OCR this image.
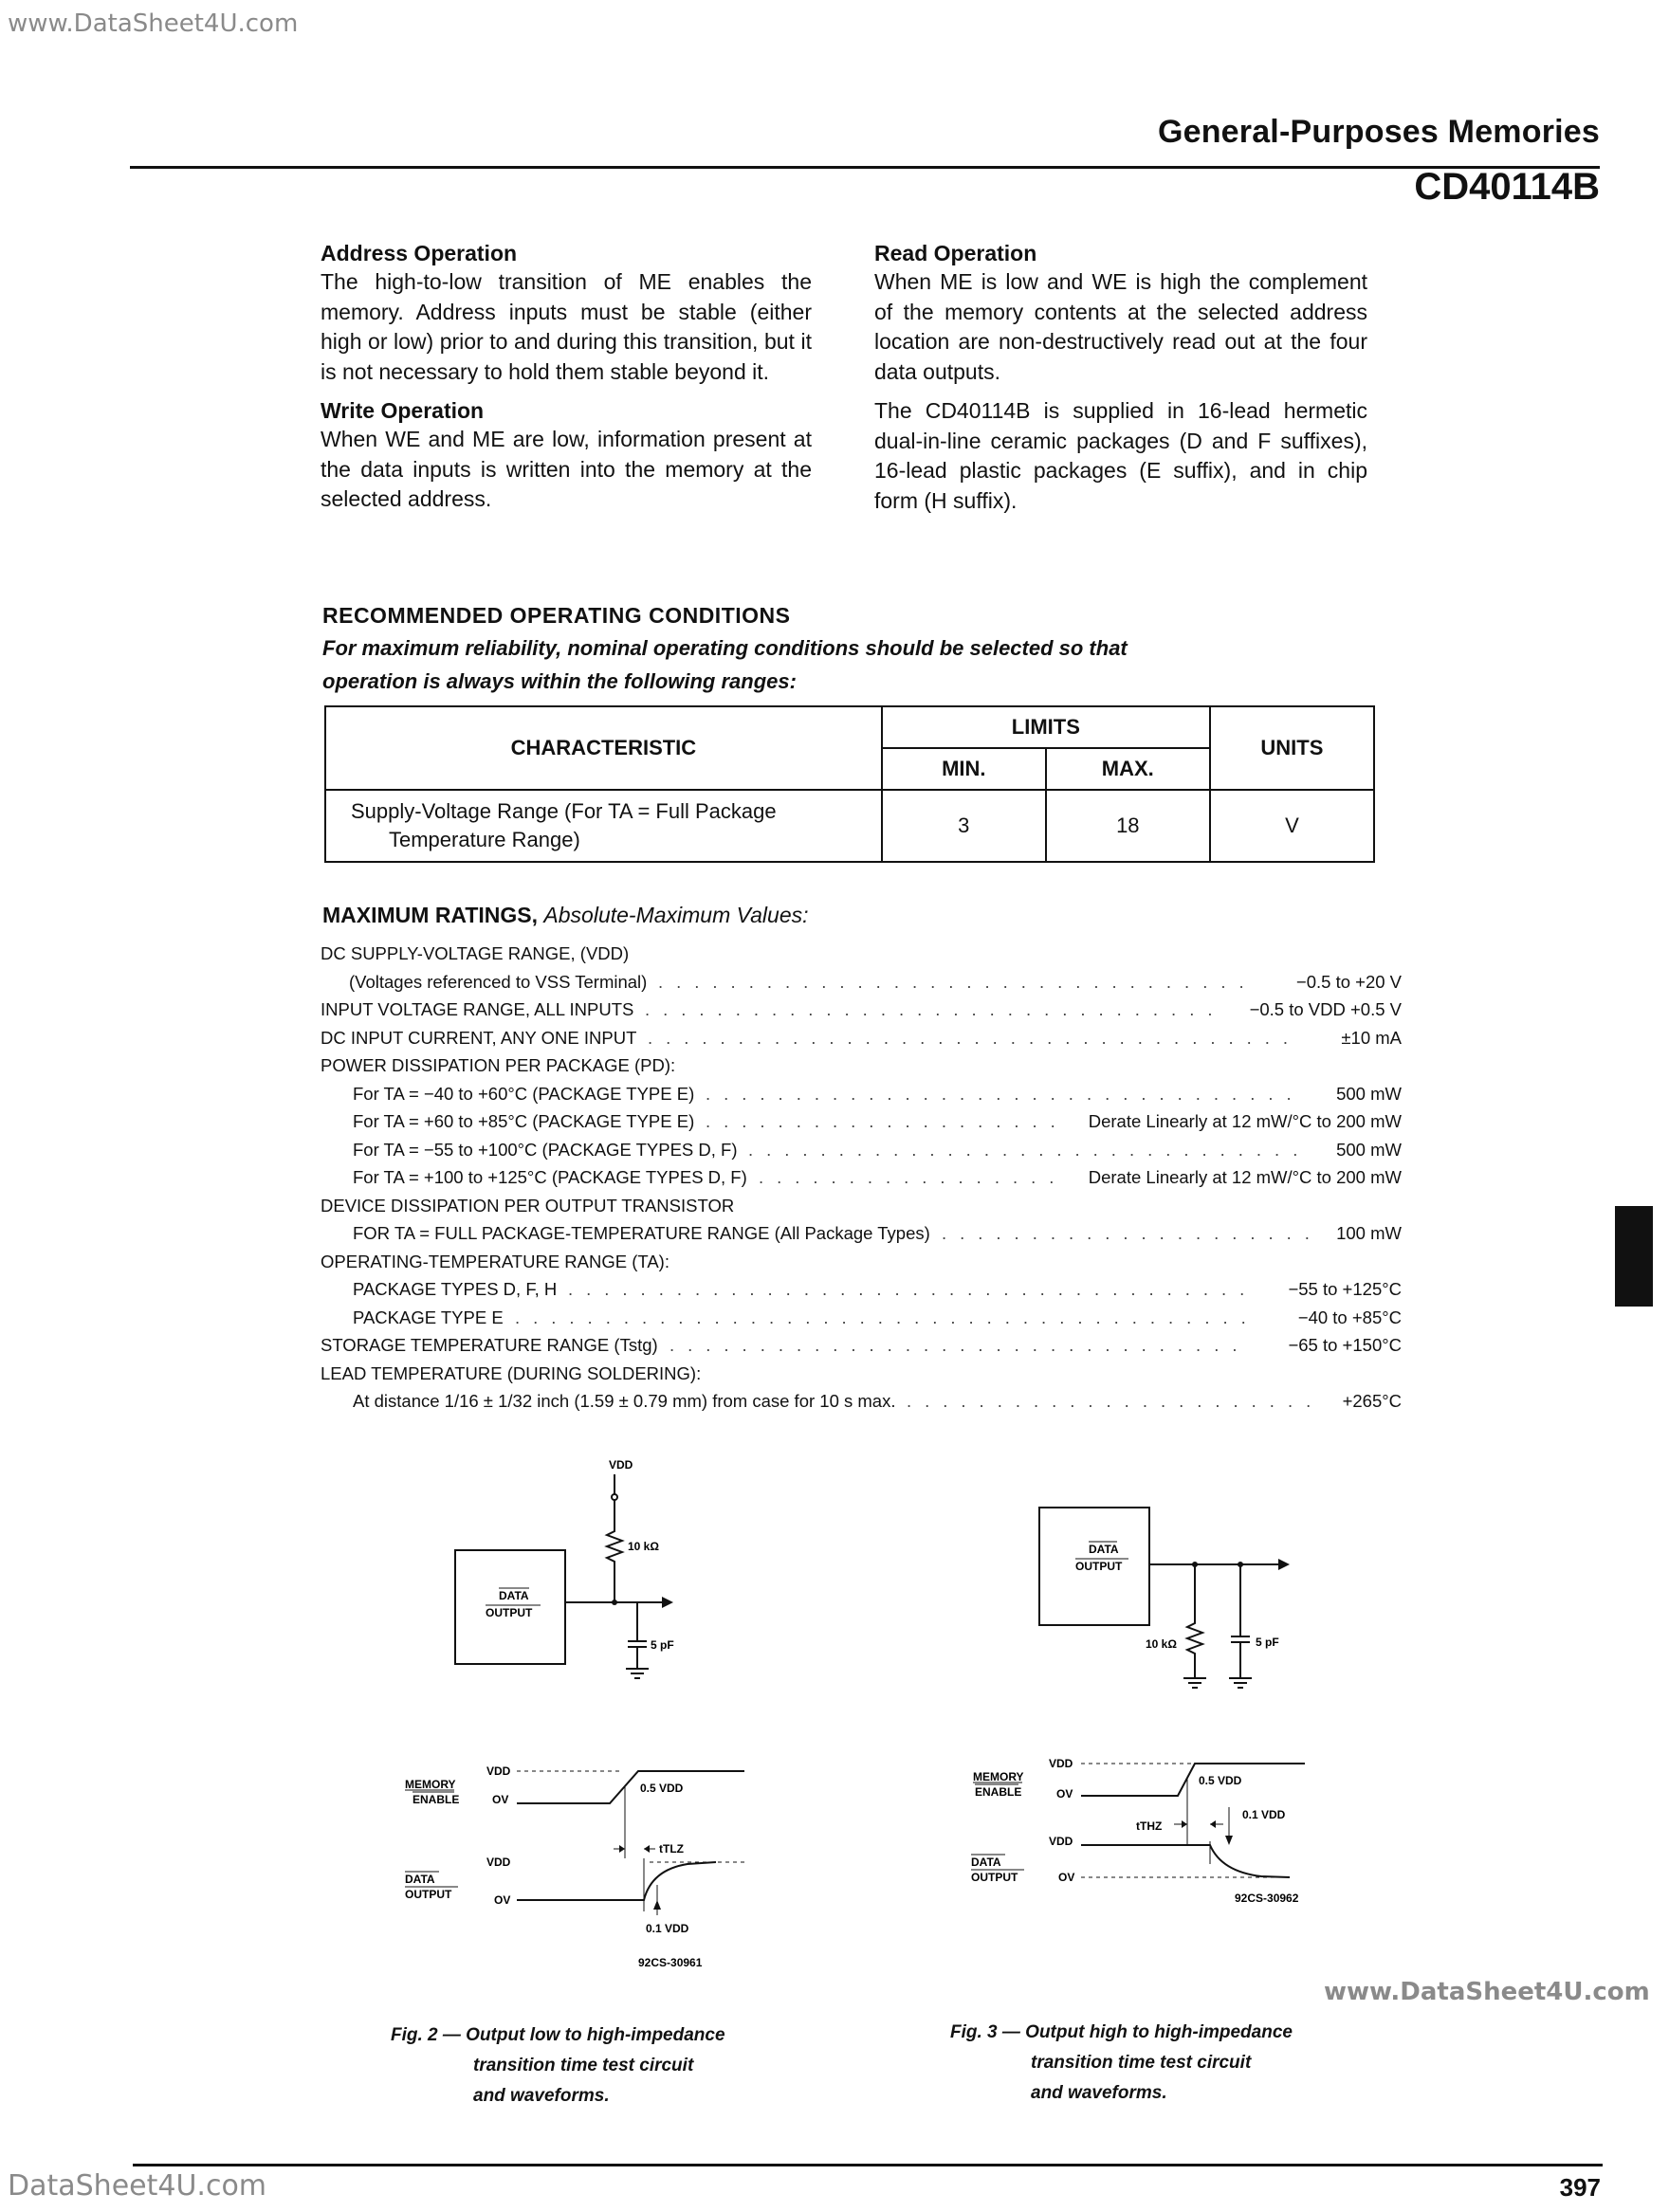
www.DataSheet4U.com
www.DataSheet4U.com
DataSheet4U.com
General-Purposes Memories
CD40114B
Address Operation

The high-to-low transition of ME enables the memory. Address inputs must be stable (either high or low) prior to and during this transition, but it is not necessary to hold them stable beyond it.

Write Operation

When WE and ME are low, information present at the data inputs is written into the memory at the selected address.

Read Operation

When ME is low and WE is high the complement of the memory contents at the selected address location are non-destructively read out at the four data outputs.

The CD40114B is supplied in 16-lead hermetic dual-in-line ceramic packages (D and F suffixes), 16-lead plastic packages (E suffix), and in chip form (H suffix).

RECOMMENDED OPERATING CONDITIONS
For maximum reliability, nominal operating conditions should be selected so that
operation is always within the following ranges:
CHARACTERISTIC	LIMITS		UNITS
	MIN.	MAX.	

Supply-Voltage Range (For TA = Full Package
Temperature Range)	3	18	V
MAXIMUM RATINGS, Absolute-Maximum Values:
DC SUPPLY-VOLTAGE RANGE, (VDD)
(Voltages referenced to VSS Terminal)	−0.5 to +20 V
.................................
INPUT VOLTAGE RANGE, ALL INPUTS	−0.5 to VDD +0.5 V
................................
DC INPUT CURRENT, ANY ONE INPUT	±10 mA
....................................
POWER DISSIPATION PER PACKAGE (PD):
For TA = −40 to +60°C (PACKAGE TYPE E)	500 mW
.................................
For TA = +60 to +85°C (PACKAGE TYPE E)	Derate Linearly at 12 mW/°C to 200 mW
....................
For TA = −55 to +100°C (PACKAGE TYPES D, F)	500 mW
...............................
For TA = +100 to +125°C (PACKAGE TYPES D, F)	Derate Linearly at 12 mW/°C to 200 mW
.................
DEVICE DISSIPATION PER OUTPUT TRANSISTOR
FOR TA = FULL PACKAGE-TEMPERATURE RANGE (All Package Types)	100 mW
.....................
OPERATING-TEMPERATURE RANGE (TA):
PACKAGE TYPES D, F, H	−55 to +125°C
......................................
PACKAGE TYPE E	−40 to +85°C
.........................................
STORAGE TEMPERATURE RANGE (Tstg)	−65 to +150°C
................................
LEAD TEMPERATURE (DURING SOLDERING):
At distance 1/16 ± 1/32 inch (1.59 ± 0.79 mm) from case for 10 s max.	+265°C
.......................
VDD
10 kΩ
DATA
OUTPUT
5 pF
DATA
OUTPUT
10 kΩ	5 pF
MEMORY
ENABLE
VDD
OV
0.5 VDD
tTLZ
DATA
OUTPUT
VDD
OV
0.1 VDD
92CS-30961
MEMORY
ENABLE
VDD
OV
0.5 VDD
tTHZ
0.1 VDD
VDD
DATA
OUTPUT	OV
92CS-30962
Fig. 2 — Output low to high-impedance
transition time test circuit
and waveforms.
Fig. 3 — Output high to high-impedance
transition time test circuit
and waveforms.
397
